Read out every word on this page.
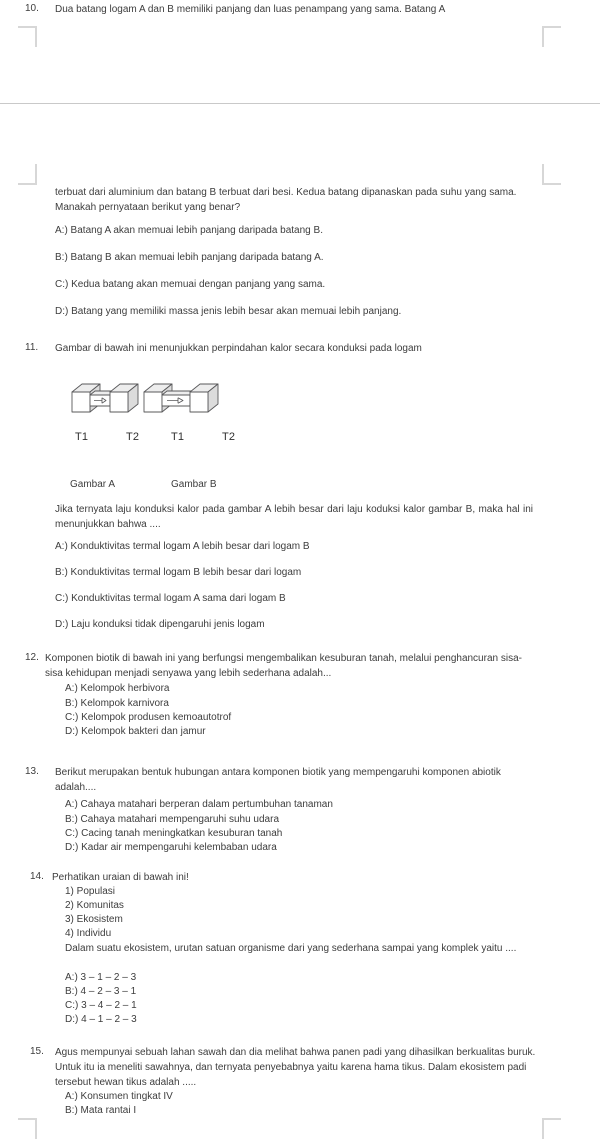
10. Dua batang logam A dan B memiliki panjang dan luas penampang yang sama. Batang A
terbuat dari aluminium dan batang B terbuat dari besi. Kedua batang dipanaskan pada suhu yang sama. Manakah pernyataan berikut yang benar?
A:) Batang A akan memuai lebih panjang daripada batang B.
B:) Batang B akan memuai lebih panjang daripada batang A.
C:) Kedua batang akan memuai dengan panjang yang sama.
D:) Batang yang memiliki massa jenis lebih besar akan memuai lebih panjang.
11. Gambar di bawah ini menunjukkan perpindahan kalor secara konduksi pada logam
T1	T2	T1	T2
Gambar A	Gambar B
Jika ternyata laju konduksi kalor pada gambar A lebih besar dari laju koduksi kalor gambar B, maka hal ini menunjukkan bahwa ....
A:) Konduktivitas termal logam A lebih besar dari logam B
B:) Konduktivitas termal logam B lebih besar dari logam
C:) Konduktivitas termal logam A sama dari logam B
D:) Laju konduksi tidak dipengaruhi jenis logam
12. Komponen biotik di bawah ini yang berfungsi mengembalikan kesuburan tanah, melalui penghancuran sisa-sisa kehidupan menjadi senyawa yang lebih sederhana adalah...
A:) Kelompok herbivora
B:) Kelompok karnivora
C:) Kelompok produsen kemoautotrof
D:) Kelompok bakteri dan jamur
13. Berikut merupakan bentuk hubungan antara komponen biotik yang mempengaruhi komponen abiotik adalah....
A:) Cahaya matahari berperan dalam pertumbuhan tanaman
B:) Cahaya matahari mempengaruhi suhu udara
C:) Cacing tanah meningkatkan kesuburan tanah
D:) Kadar air mempengaruhi kelembaban udara
14. Perhatikan uraian di bawah ini!
1) Populasi
2) Komunitas
3) Ekosistem
4) Individu
Dalam suatu ekosistem, urutan satuan organisme dari yang sederhana sampai yang komplek yaitu ....
A:) 3 – 1 – 2 – 3
B:) 4 – 2 – 3 – 1
C:) 3 – 4 – 2 – 1
D:) 4 – 1 – 2 – 3
15. Agus mempunyai sebuah lahan sawah dan dia melihat bahwa panen padi yang dihasilkan berkualitas buruk. Untuk itu ia meneliti sawahnya, dan ternyata penyebabnya yaitu karena hama tikus. Dalam ekosistem padi tersebut hewan tikus adalah .....
A:) Konsumen tingkat IV
B:) Mata rantai I
